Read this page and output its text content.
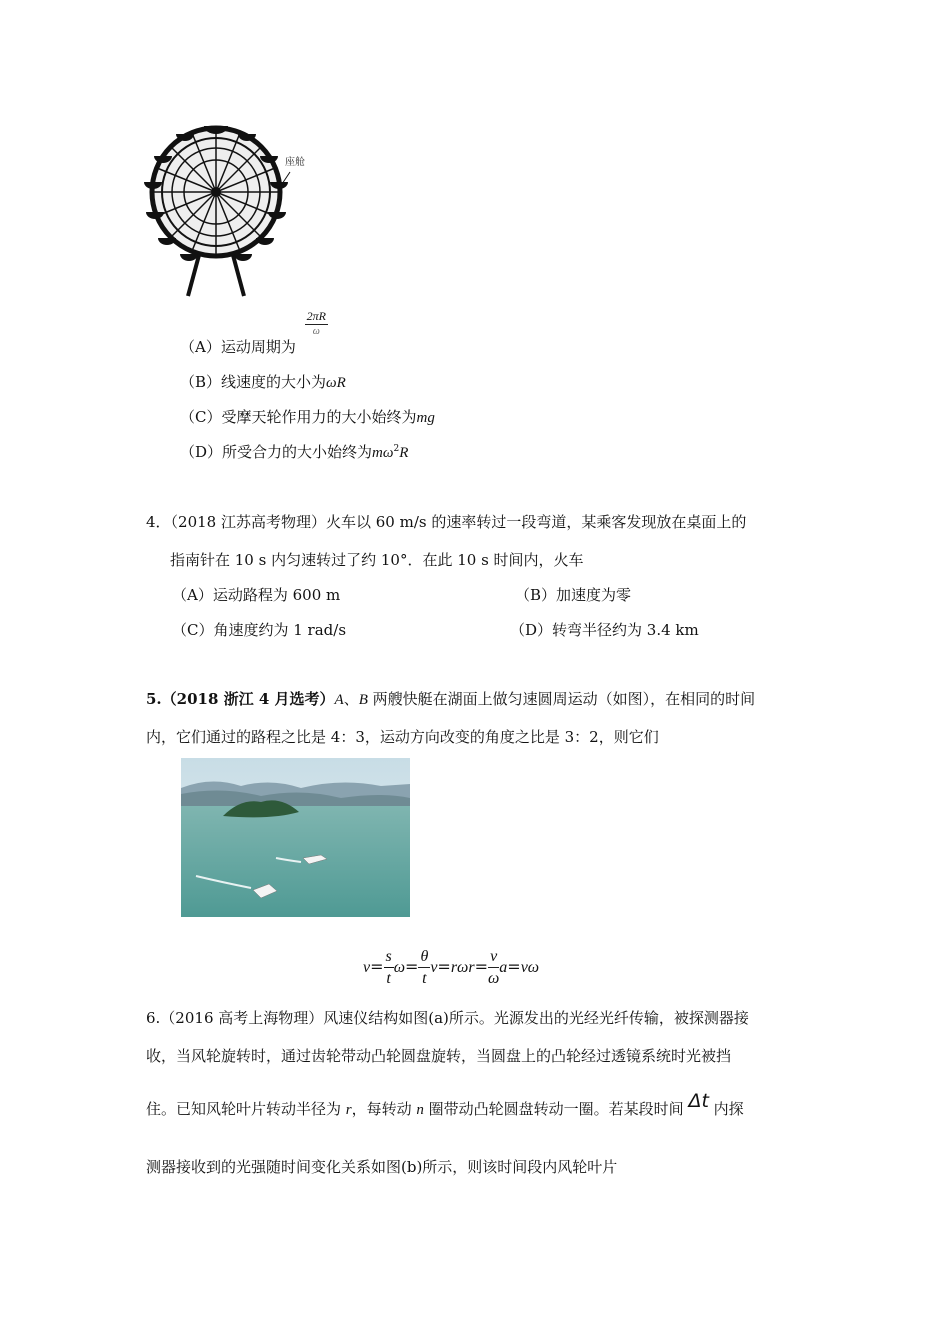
座舱
（A）运动周期为
$\frac{2\pi R}{\omega}$
（B）线速度的大小为ωR
（C）受摩天轮作用力的大小始终为mg
（D）所受合力的大小始终为$m\omega^2R$
4．（2018 江苏高考物理）火车以 60 m/s 的速率转过一段弯道，某乘客发现放在桌面上的
指南针在 10 s 内匀速转过了约 10°．在此 10 s 时间内，火车
（A）运动路程为 600 m	（B）加速度为零
（C）角速度约为 1 rad/s	（D）转弯半径约为 3.4 km
5.（2018 浙江 4 月选考）A、B 两艘快艇在湖面上做匀速圆周运动（如图），在相同的时间
内，它们通过的路程之比是 4：3，运动方向改变的角度之比是 3：2，则它们
$v= \frac{s}{t} \omega= \frac{\theta}{t} v=r\omega r= \frac{v}{\omega} a=v\omega$
6.（2016 高考上海物理）风速仪结构如图(a)所示。光源发出的光经光纤传输，被探测器接
收，当风轮旋转时，通过齿轮带动凸轮圆盘旋转，当圆盘上的凸轮经过透镜系统时光被挡
住。已知风轮叶片转动半径为 r，每转动 n 圈带动凸轮圆盘转动一圈。若某段时间 Δt 内探
测器接收到的光强随时间变化关系如图(b)所示，则该时间段内风轮叶片
